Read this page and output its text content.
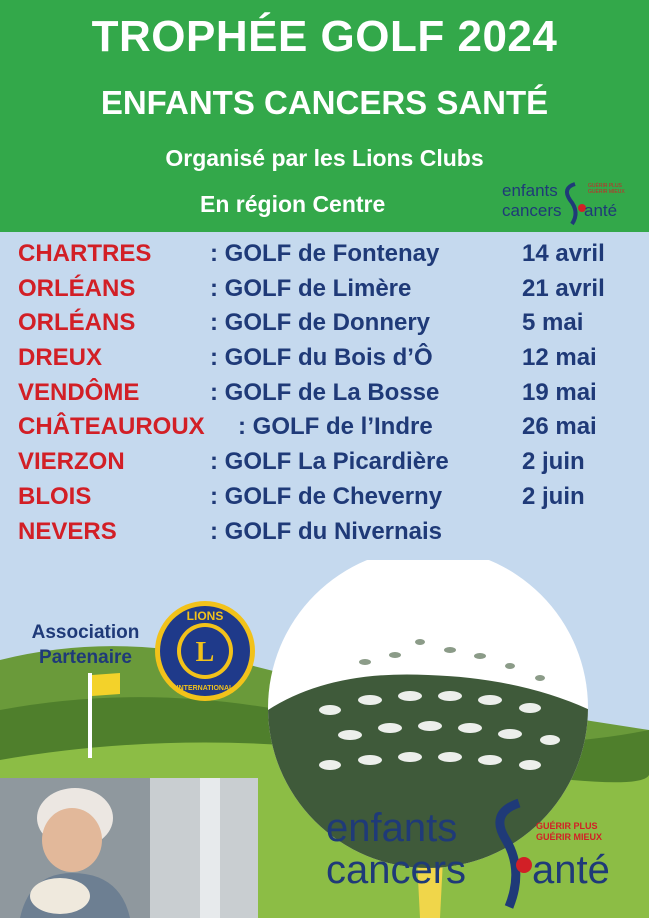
TROPHÉE GOLF 2024
ENFANTS CANCERS SANTÉ
Organisé par les Lions Clubs
En région Centre
enfants
cancers anté
GUÉRIR PLUS
GUÉRIR MIEUX
CHARTRES : GOLF de Fontenay	14 avril
ORLÉANS	: GOLF de Limère	21 avril
ORLÉANS	: GOLF de Donnery	5 mai
DREUX	: GOLF du Bois d’Ô	12 mai
VENDÔME	: GOLF de La Bosse	19 mai
CHÂTEAUROUX : GOLF de l’Indre	26 mai
VIERZON	: GOLF La Picardière	2 juin
BLOIS	: GOLF de Cheverny	2 juin
NEVERS	: GOLF du Nivernais
Association
Partenaire
LIONS
L
INTERNATIONAL
enfants
cancers anté
GUÉRIR PLUS
GUÉRIR MIEUX
